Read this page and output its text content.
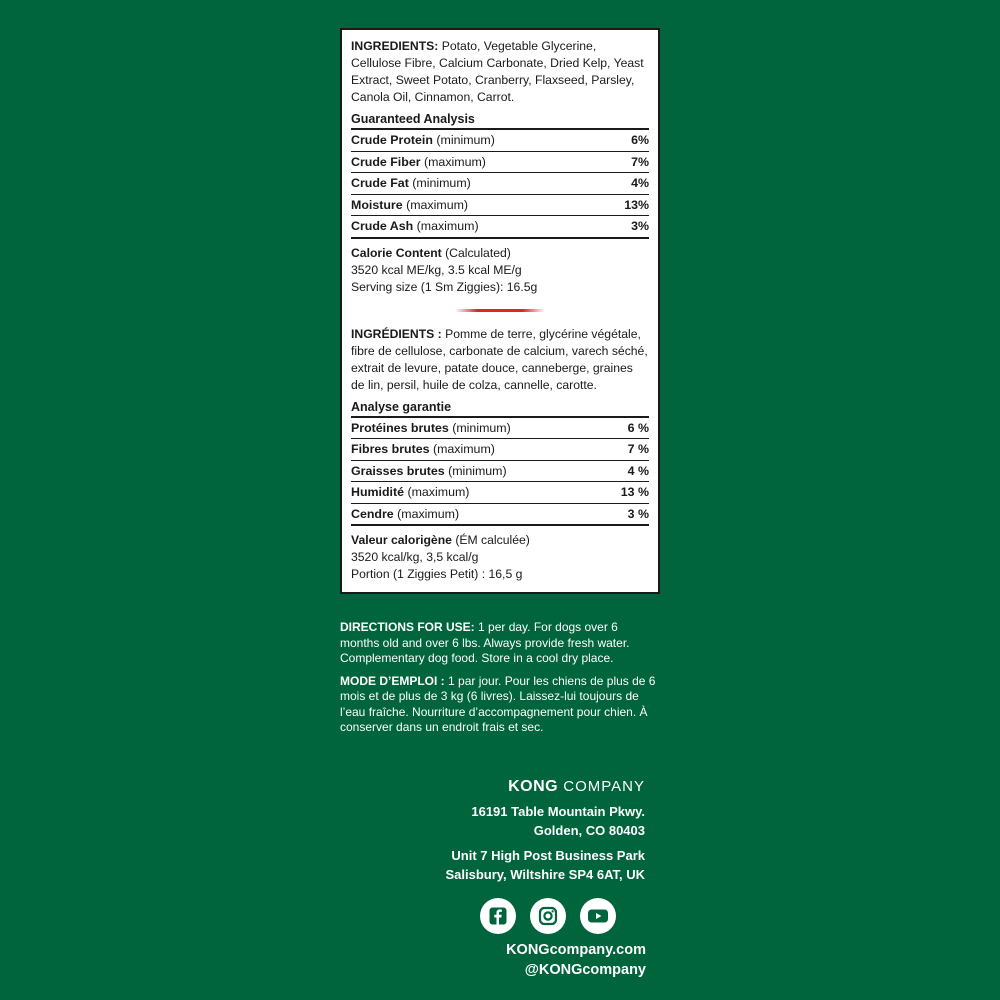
INGREDIENTS: Potato, Vegetable Glycerine, Cellulose Fibre, Calcium Carbonate, Dried Kelp, Yeast Extract, Sweet Potato, Cranberry, Flaxseed, Parsley, Canola Oil, Cinnamon, Carrot.
Guaranteed Analysis
Crude Protein (minimum)	6%
Crude Fiber (maximum)	7%
Crude Fat (minimum)	4%
Moisture (maximum)	13%
Crude Ash (maximum)	3%
Calorie Content (Calculated)
3520 kcal ME/kg, 3.5 kcal ME/g
Serving size (1 Sm Ziggies): 16.5g
INGRÉDIENTS : Pomme de terre, glycérine végétale, fibre de cellulose, carbonate de calcium, varech séché, extrait de levure, patate douce, canneberge, graines de lin, persil, huile de colza, cannelle, carotte.
Analyse garantie
Protéines brutes (minimum)	6 %
Fibres brutes (maximum)	7 %
Graisses brutes (minimum)	4 %
Humidité (maximum)	13 %
Cendre (maximum)	3 %
Valeur calorigène (ÉM calculée)
3520 kcal/kg, 3,5 kcal/g
Portion (1 Ziggies Petit) : 16,5 g

DIRECTIONS FOR USE: 1 per day. For dogs over 6 months old and over 6 lbs. Always provide fresh water. Complementary dog food. Store in a cool dry place.

MODE D’EMPLOI : 1 par jour. Pour les chiens de plus de 6 mois et de plus de 3 kg (6 livres). Laissez-lui toujours de l’eau fraîche. Nourriture d’accompagnement pour chien. À conserver dans un endroit frais et sec.

KONG COMPANY
16191 Table Mountain Pkwy.
Golden, CO 80403
Unit 7 High Post Business Park
Salisbury, Wiltshire SP4 6AT, UK
KONGcompany.com
@KONGcompany
